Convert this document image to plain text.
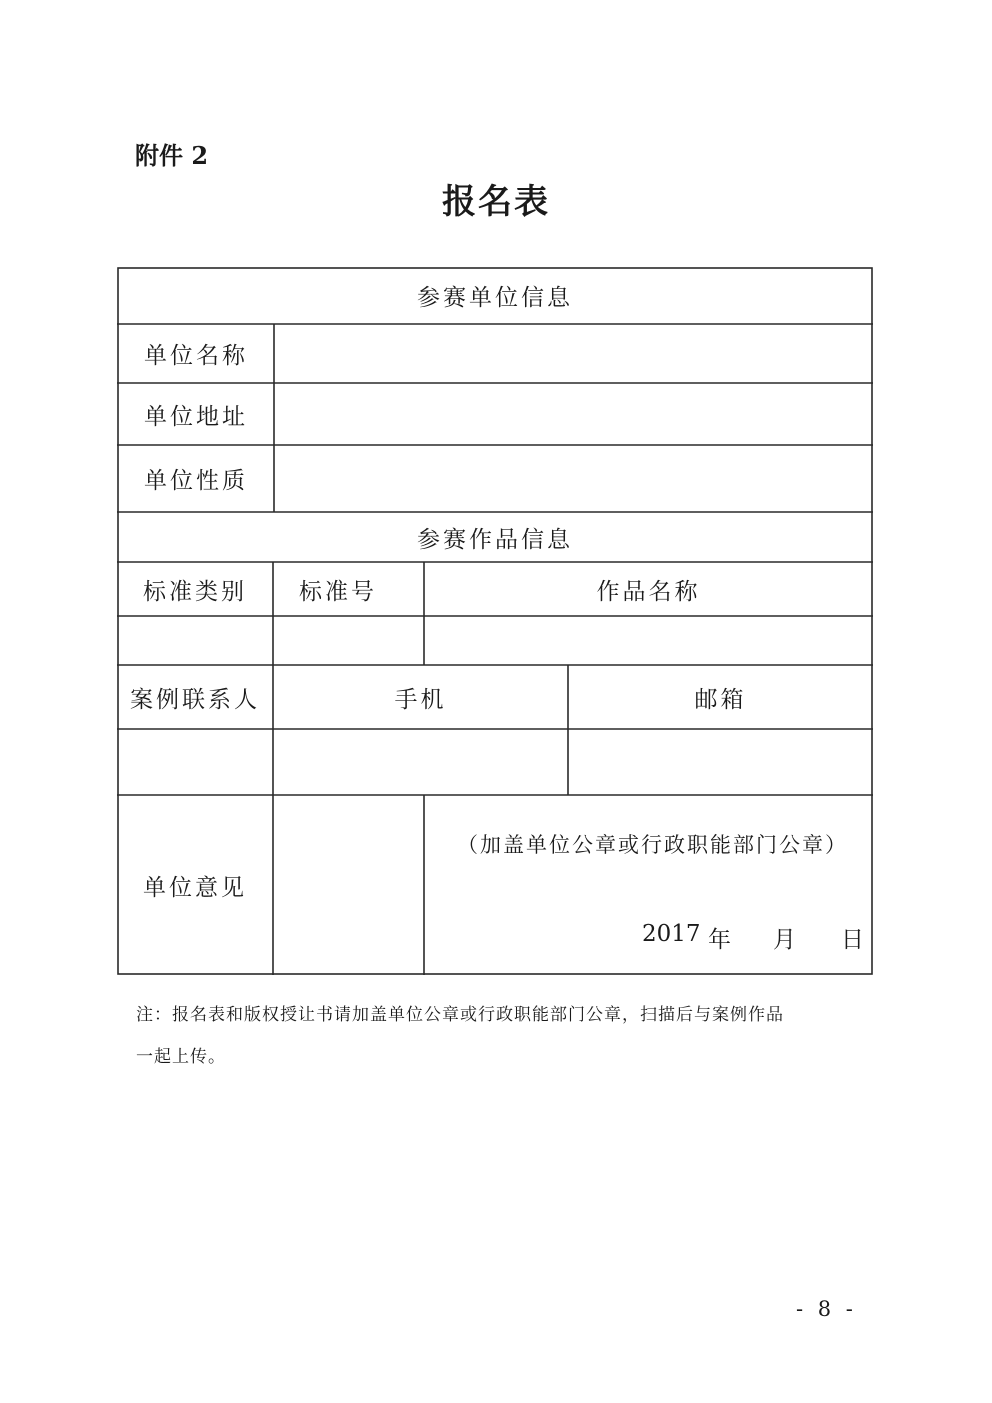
附件 2
报名表
参赛单位信息
单位名称
单位地址
单位性质
参赛作品信息
标准类别	标准号	作品名称
案例联系人	手机	邮箱
单位意见
（加盖单位公章或行政职能部门公章）
2017 年 月 日
注：报名表和版权授让书请加盖单位公章或行政职能部门公章，扫描后与案例作品
一起上传。
- 8 -
